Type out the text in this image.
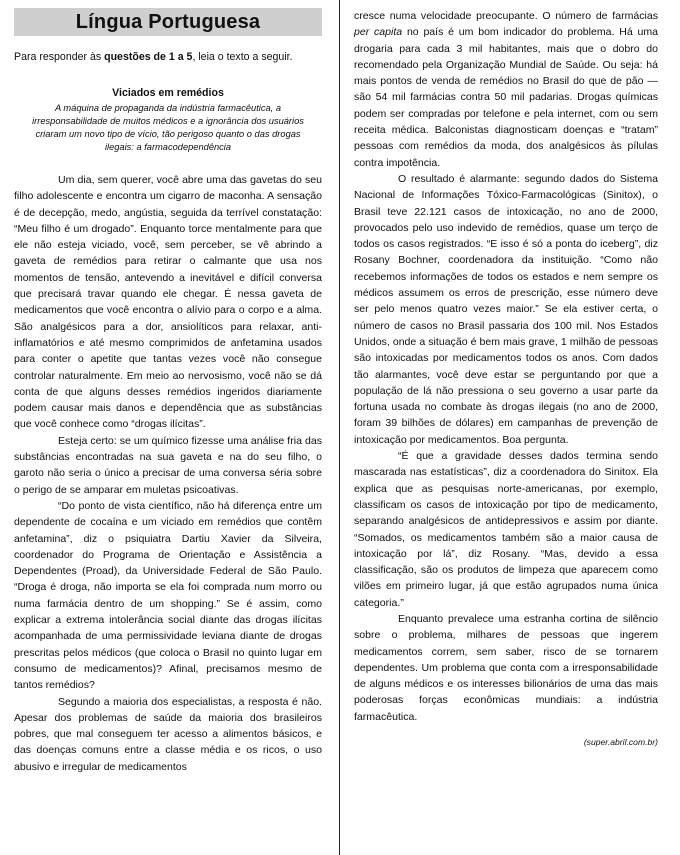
Língua Portuguesa
Para responder às questões de 1 a 5, leia o texto a seguir.
Viciados em remédios
A máquina de propaganda da indústria farmacêutica, a irresponsabilidade de muitos médicos e a ignorância dos usuários criaram um novo tipo de vício, tão perigoso quanto o das drogas ilegais: a farmacodependência

Um dia, sem querer, você abre uma das gavetas do seu filho adolescente e encontra um cigarro de maconha. A sensação é de decepção, medo, angústia, seguida da terrível constatação: “Meu filho é um drogado”. Enquanto torce mentalmente para que ele não esteja viciado, você, sem perceber, se vê abrindo a gaveta de remédios para retirar o calmante que usa nos momentos de tensão, antevendo a inevitável e difícil conversa que precisará travar quando ele chegar. É nessa gaveta de medicamentos que você encontra o alívio para o corpo e a alma. São analgésicos para a dor, ansiolíticos para relaxar, anti-inflamatórios e até mesmo comprimidos de anfetamina usados para conter o apetite que tantas vezes você não consegue controlar naturalmente. Em meio ao nervosismo, você não se dá conta de que alguns desses remédios ingeridos diariamente podem causar mais danos e dependência que as substâncias que você conhece como “drogas ilícitas”.

Esteja certo: se um químico fizesse uma análise fria das substâncias encontradas na sua gaveta e na do seu filho, o garoto não seria o único a precisar de uma conversa séria sobre o perigo de se amparar em muletas psicoativas.

“Do ponto de vista científico, não há diferença entre um dependente de cocaína e um viciado em remédios que contêm anfetamina”, diz o psiquiatra Dartiu Xavier da Silveira, coordenador do Programa de Orientação e Assistência a Dependentes (Proad), da Universidade Federal de São Paulo. “Droga é droga, não importa se ela foi comprada num morro ou numa farmácia dentro de um shopping.” Se é assim, como explicar a extrema intolerância social diante das drogas ilícitas acompanhada de uma permissividade leviana diante de drogas prescritas pelos médicos (que coloca o Brasil no quinto lugar em consumo de medicamentos)? Afinal, precisamos mesmo de tantos remédios?

Segundo a maioria dos especialistas, a resposta é não. Apesar dos problemas de saúde da maioria dos brasileiros pobres, que mal conseguem ter acesso a alimentos básicos, e das doenças comuns entre a classe média e os ricos, o uso abusivo e irregular de medicamentos

cresce numa velocidade preocupante. O número de farmácias per capita no país é um bom indicador do problema. Há uma drogaria para cada 3 mil habitantes, mais que o dobro do recomendado pela Organização Mundial de Saúde. Ou seja: há mais pontos de venda de remédios no Brasil do que de pão — são 54 mil farmácias contra 50 mil padarias. Drogas químicas podem ser compradas por telefone e pela internet, com ou sem receita médica. Balconistas diagnosticam doenças e “tratam” pessoas com remédios da moda, dos analgésicos às pílulas contra impotência.

O resultado é alarmante: segundo dados do Sistema Nacional de Informações Tóxico-Farmacológicas (Sinitox), o Brasil teve 22.121 casos de intoxicação, no ano de 2000, provocados pelo uso indevido de remédios, quase um terço de todos os casos registrados. “E isso é só a ponta do iceberg”, diz Rosany Bochner, coordenadora da instituição. “Como não recebemos informações de todos os estados e nem sempre os médicos assumem os erros de prescrição, esse número deve ser pelo menos quatro vezes maior.” Se ela estiver certa, o número de casos no Brasil passaria dos 100 mil. Nos Estados Unidos, onde a situação é bem mais grave, 1 milhão de pessoas são intoxicadas por medicamentos todos os anos. Com dados tão alarmantes, você deve estar se perguntando por que a população de lá não pressiona o seu governo a usar parte da fortuna usada no combate às drogas ilegais (no ano de 2000, foram 39 bilhões de dólares) em campanhas de prevenção de intoxicação por medicamentos. Boa pergunta.

“É que a gravidade desses dados termina sendo mascarada nas estatísticas”, diz a coordenadora do Sinitox. Ela explica que as pesquisas norte-americanas, por exemplo, classificam os casos de intoxicação por tipo de medicamento, separando analgésicos de antidepressivos e assim por diante. “Somados, os medicamentos também são a maior causa de intoxicação por lá”, diz Rosany. “Mas, devido a essa classificação, são os produtos de limpeza que aparecem como vilões em primeiro lugar, já que estão agrupados numa única categoria.”

Enquanto prevalece uma estranha cortina de silêncio sobre o problema, milhares de pessoas que ingerem medicamentos correm, sem saber, risco de se tornarem dependentes. Um problema que conta com a irresponsabilidade de alguns médicos e os interesses bilionários de uma das mais poderosas forças econômicas mundiais: a indústria farmacêutica.

(super.abril.com.br)
